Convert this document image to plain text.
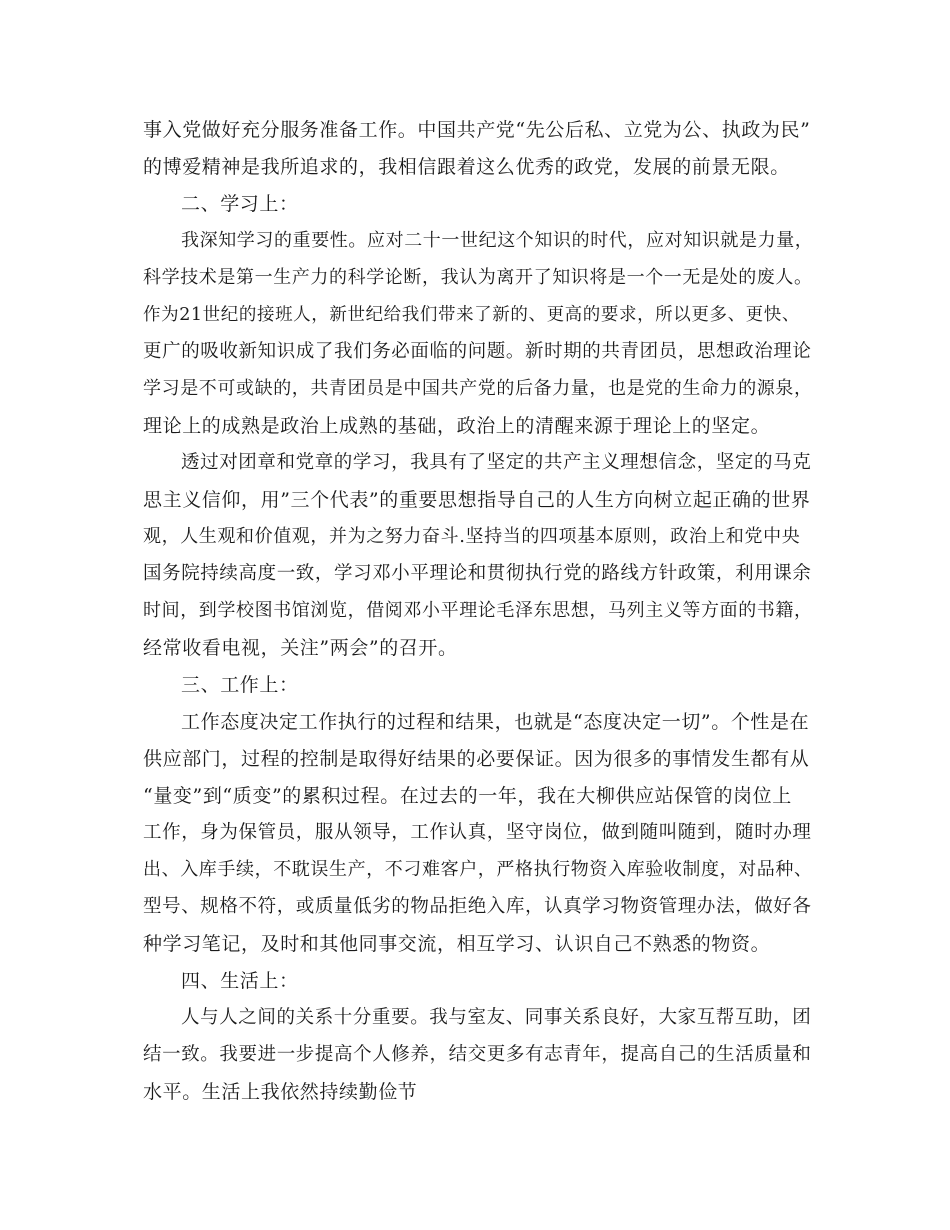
事入党做好充分服务准备工作。中国共产党“先公后私、立党为公、执政为民”
的博爱精神是我所追求的，我相信跟着这么优秀的政党，发展的前景无限。
二、学习上：
我深知学习的重要性。应对二十一世纪这个知识的时代，应对知识就是力量，
科学技术是第一生产力的科学论断，我认为离开了知识将是一个一无是处的废人。
作为21世纪的接班人，新世纪给我们带来了新的、更高的要求，所以更多、更快、
更广的吸收新知识成了我们务必面临的问题。新时期的共青团员，思想政治理论
学习是不可或缺的，共青团员是中国共产党的后备力量，也是党的生命力的源泉，
理论上的成熟是政治上成熟的基础，政治上的清醒来源于理论上的坚定。
透过对团章和党章的学习，我具有了坚定的共产主义理想信念，坚定的马克
思主义信仰，用”三个代表”的重要思想指导自己的人生方向树立起正确的世界
观，人生观和价值观，并为之努力奋斗.坚持当的四项基本原则，政治上和党中央
国务院持续高度一致，学习邓小平理论和贯彻执行党的路线方针政策，利用课余
时间，到学校图书馆浏览，借阅邓小平理论毛泽东思想，马列主义等方面的书籍，
经常收看电视，关注”两会”的召开。
三、工作上：
工作态度决定工作执行的过程和结果，也就是“态度决定一切”。个性是在
供应部门，过程的控制是取得好结果的必要保证。因为很多的事情发生都有从
“量变”到“质变”的累积过程。在过去的一年，我在大柳供应站保管的岗位上
工作，身为保管员，服从领导，工作认真，坚守岗位，做到随叫随到，随时办理
出、入库手续，不耽误生产，不刁难客户，严格执行物资入库验收制度，对品种、
型号、规格不符，或质量低劣的物品拒绝入库，认真学习物资管理办法，做好各
种学习笔记，及时和其他同事交流，相互学习、认识自己不熟悉的物资。
四、生活上：
人与人之间的关系十分重要。我与室友、同事关系良好，大家互帮互助，团
结一致。我要进一步提高个人修养，结交更多有志青年，提高自己的生活质量和
水平。生活上我依然持续勤俭节
